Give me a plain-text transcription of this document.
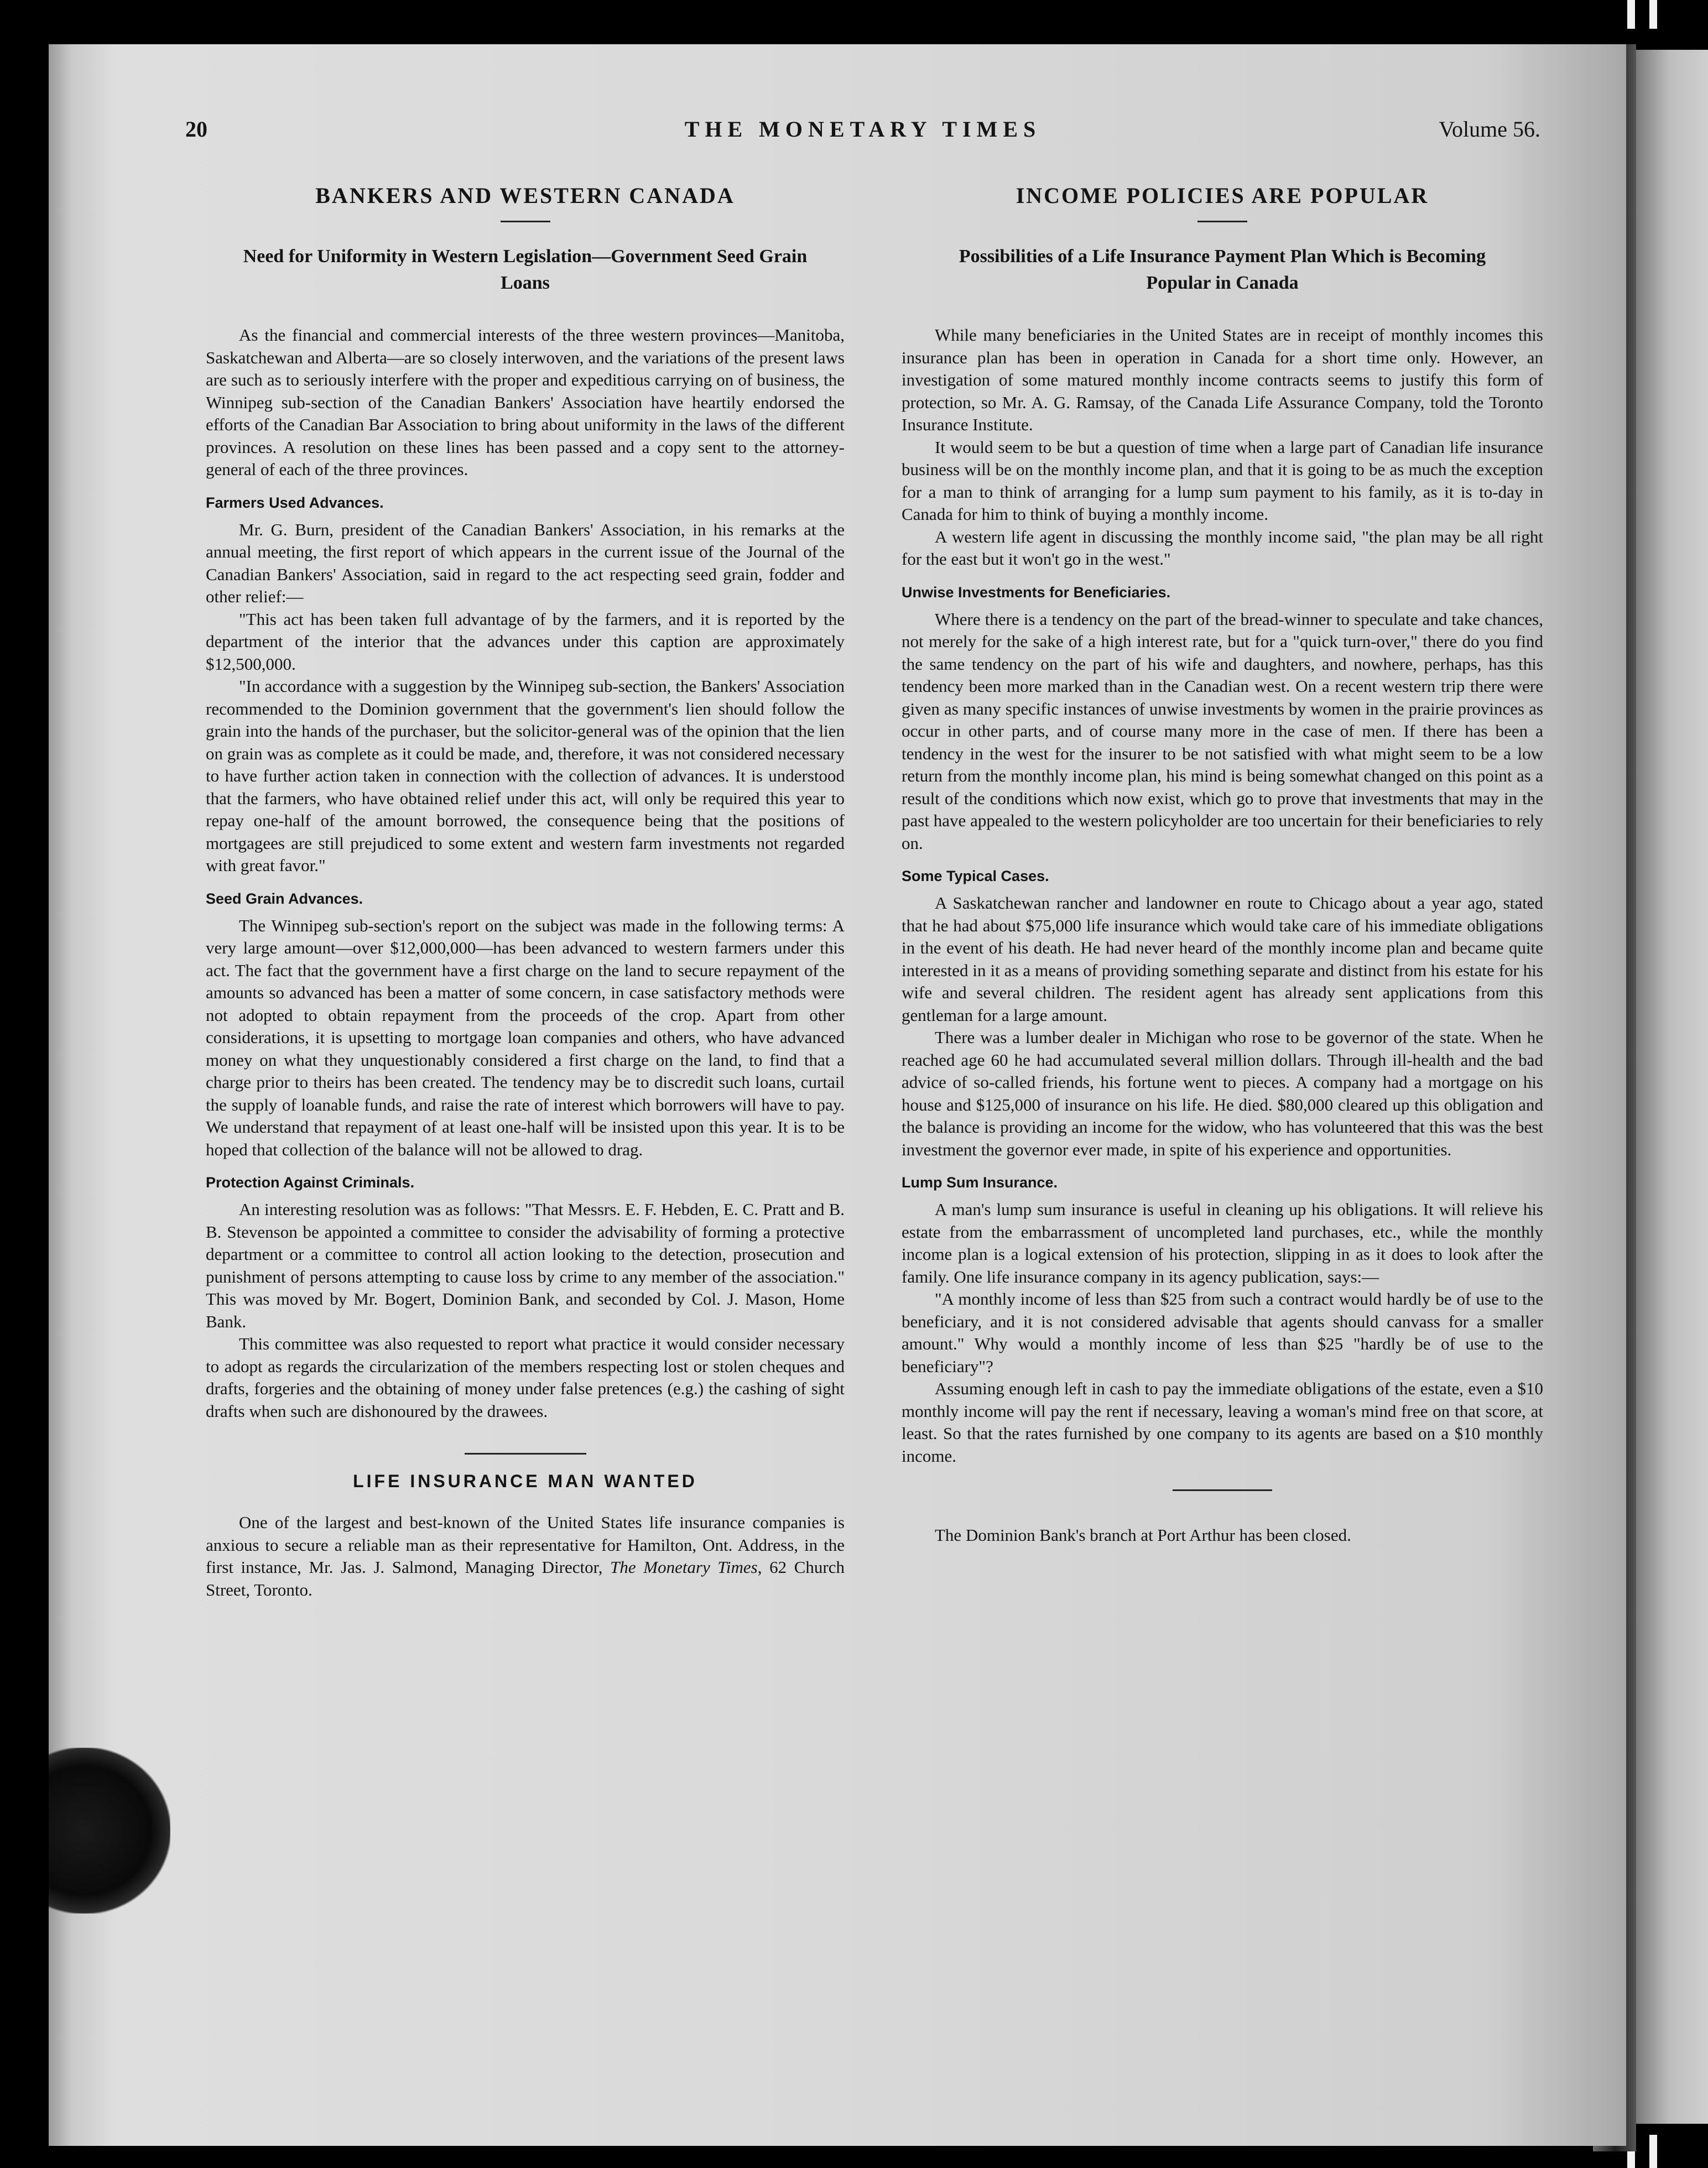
20	THE MONETARY TIMES	Volume 56.
BANKERS AND WESTERN CANADA
Need for Uniformity in Western Legislation—Government Seed Grain Loans

As the financial and commercial interests of the three western provinces—Manitoba, Saskatchewan and Alberta—are so closely interwoven, and the variations of the present laws are such as to seriously interfere with the proper and expeditious carrying on of business, the Winnipeg sub-section of the Canadian Bankers' Association have heartily endorsed the efforts of the Canadian Bar Association to bring about uniformity in the laws of the different provinces. A resolution on these lines has been passed and a copy sent to the attorney-general of each of the three provinces.

Farmers Used Advances.

Mr. G. Burn, president of the Canadian Bankers' Association, in his remarks at the annual meeting, the first report of which appears in the current issue of the Journal of the Canadian Bankers' Association, said in regard to the act respecting seed grain, fodder and other relief:—

"This act has been taken full advantage of by the farmers, and it is reported by the department of the interior that the advances under this caption are approximately $12,500,000.

"In accordance with a suggestion by the Winnipeg sub-section, the Bankers' Association recommended to the Dominion government that the government's lien should follow the grain into the hands of the purchaser, but the solicitor-general was of the opinion that the lien on grain was as complete as it could be made, and, therefore, it was not considered necessary to have further action taken in connection with the collection of advances. It is understood that the farmers, who have obtained relief under this act, will only be required this year to repay one-half of the amount borrowed, the consequence being that the positions of mortgagees are still prejudiced to some extent and western farm investments not regarded with great favor."

Seed Grain Advances.

The Winnipeg sub-section's report on the subject was made in the following terms: A very large amount—over $12,000,000—has been advanced to western farmers under this act. The fact that the government have a first charge on the land to secure repayment of the amounts so advanced has been a matter of some concern, in case satisfactory methods were not adopted to obtain repayment from the proceeds of the crop. Apart from other considerations, it is upsetting to mortgage loan companies and others, who have advanced money on what they unquestionably considered a first charge on the land, to find that a charge prior to theirs has been created. The tendency may be to discredit such loans, curtail the supply of loanable funds, and raise the rate of interest which borrowers will have to pay. We understand that repayment of at least one-half will be insisted upon this year. It is to be hoped that collection of the balance will not be allowed to drag.

Protection Against Criminals.

An interesting resolution was as follows: "That Messrs. E. F. Hebden, E. C. Pratt and B. B. Stevenson be appointed a committee to consider the advisability of forming a protective department or a committee to control all action looking to the detection, prosecution and punishment of persons attempting to cause loss by crime to any member of the association." This was moved by Mr. Bogert, Dominion Bank, and seconded by Col. J. Mason, Home Bank.

This committee was also requested to report what practice it would consider necessary to adopt as regards the circularization of the members respecting lost or stolen cheques and drafts, forgeries and the obtaining of money under false pretences (e.g.) the cashing of sight drafts when such are dishonoured by the drawees.

LIFE INSURANCE MAN WANTED

One of the largest and best-known of the United States life insurance companies is anxious to secure a reliable man as their representative for Hamilton, Ont. Address, in the first instance, Mr. Jas. J. Salmond, Managing Director, The Monetary Times, 62 Church Street, Toronto.

INCOME POLICIES ARE POPULAR
Possibilities of a Life Insurance Payment Plan Which is Becoming Popular in Canada

While many beneficiaries in the United States are in receipt of monthly incomes this insurance plan has been in operation in Canada for a short time only. However, an investigation of some matured monthly income contracts seems to justify this form of protection, so Mr. A. G. Ramsay, of the Canada Life Assurance Company, told the Toronto Insurance Institute.

It would seem to be but a question of time when a large part of Canadian life insurance business will be on the monthly income plan, and that it is going to be as much the exception for a man to think of arranging for a lump sum payment to his family, as it is to-day in Canada for him to think of buying a monthly income.

A western life agent in discussing the monthly income said, "the plan may be all right for the east but it won't go in the west."

Unwise Investments for Beneficiaries.

Where there is a tendency on the part of the bread-winner to speculate and take chances, not merely for the sake of a high interest rate, but for a "quick turn-over," there do you find the same tendency on the part of his wife and daughters, and nowhere, perhaps, has this tendency been more marked than in the Canadian west. On a recent western trip there were given as many specific instances of unwise investments by women in the prairie provinces as occur in other parts, and of course many more in the case of men. If there has been a tendency in the west for the insurer to be not satisfied with what might seem to be a low return from the monthly income plan, his mind is being somewhat changed on this point as a result of the conditions which now exist, which go to prove that investments that may in the past have appealed to the western policyholder are too uncertain for their beneficiaries to rely on.

Some Typical Cases.

A Saskatchewan rancher and landowner en route to Chicago about a year ago, stated that he had about $75,000 life insurance which would take care of his immediate obligations in the event of his death. He had never heard of the monthly income plan and became quite interested in it as a means of providing something separate and distinct from his estate for his wife and several children. The resident agent has already sent applications from this gentleman for a large amount.

There was a lumber dealer in Michigan who rose to be governor of the state. When he reached age 60 he had accumulated several million dollars. Through ill-health and the bad advice of so-called friends, his fortune went to pieces. A company had a mortgage on his house and $125,000 of insurance on his life. He died. $80,000 cleared up this obligation and the balance is providing an income for the widow, who has volunteered that this was the best investment the governor ever made, in spite of his experience and opportunities.

Lump Sum Insurance.

A man's lump sum insurance is useful in cleaning up his obligations. It will relieve his estate from the embarrassment of uncompleted land purchases, etc., while the monthly income plan is a logical extension of his protection, slipping in as it does to look after the family. One life insurance company in its agency publication, says:—

"A monthly income of less than $25 from such a contract would hardly be of use to the beneficiary, and it is not considered advisable that agents should canvass for a smaller amount." Why would a monthly income of less than $25 "hardly be of use to the beneficiary"?

Assuming enough left in cash to pay the immediate obligations of the estate, even a $10 monthly income will pay the rent if necessary, leaving a woman's mind free on that score, at least. So that the rates furnished by one company to its agents are based on a $10 monthly income.

The Dominion Bank's branch at Port Arthur has been closed.
